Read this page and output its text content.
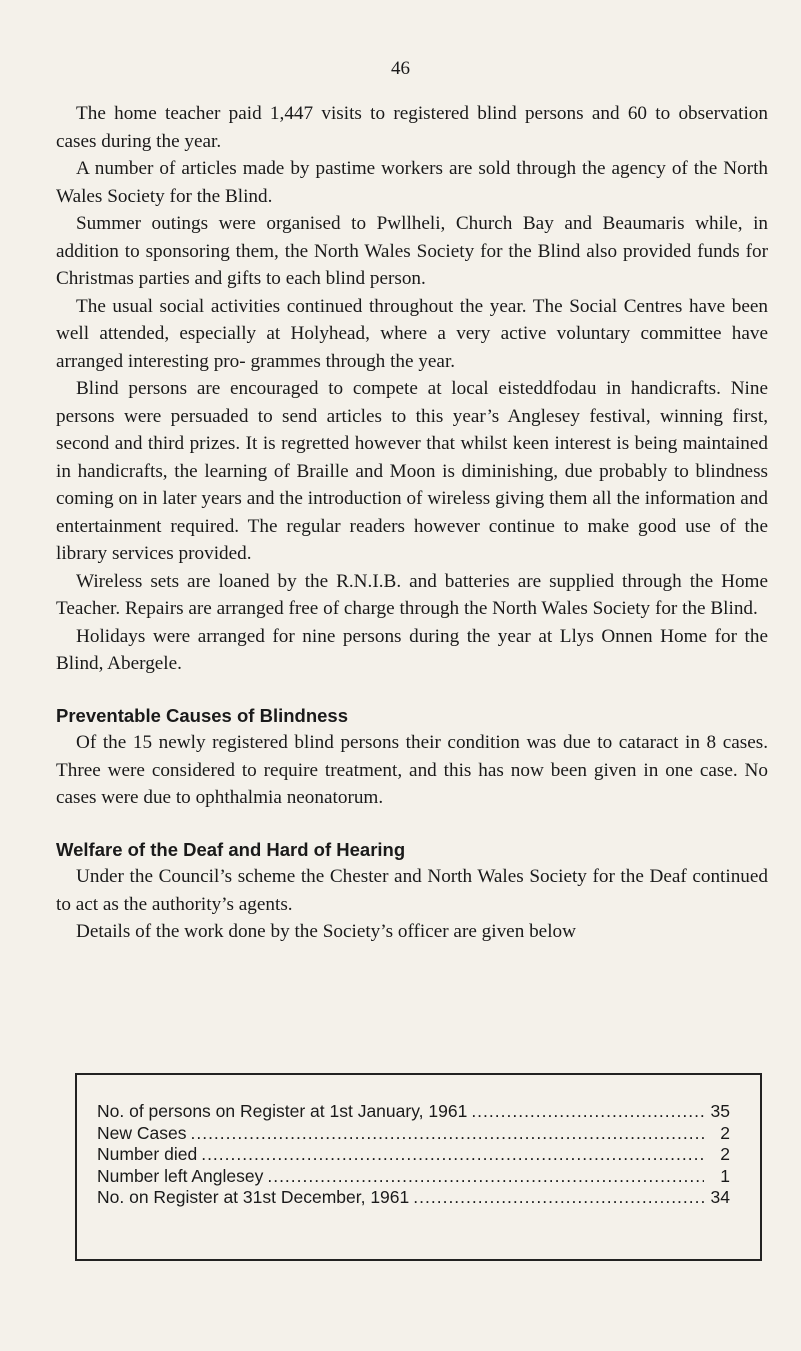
46

The home teacher paid 1,447 visits to registered blind persons and 60 to observation cases during the year.

A number of articles made by pastime workers are sold through the agency of the North Wales Society for the Blind.

Summer outings were organised to Pwllheli, Church Bay and Beaumaris while, in addition to sponsoring them, the North Wales Society for the Blind also provided funds for Christmas parties and gifts to each blind person.

The usual social activities continued throughout the year. The Social Centres have been well attended, especially at Holyhead, where a very active voluntary committee have arranged interesting pro- grammes through the year.

Blind persons are encouraged to compete at local eisteddfodau in handicrafts. Nine persons were persuaded to send articles to this year’s Anglesey festival, winning first, second and third prizes. It is regretted however that whilst keen interest is being maintained in handicrafts, the learning of Braille and Moon is diminishing, due probably to blindness coming on in later years and the introduction of wireless giving them all the information and entertainment required. The regular readers however continue to make good use of the library services provided.

Wireless sets are loaned by the R.N.I.B. and batteries are supplied through the Home Teacher. Repairs are arranged free of charge through the North Wales Society for the Blind.

Holidays were arranged for nine persons during the year at Llys Onnen Home for the Blind, Abergele.

Preventable Causes of Blindness

Of the 15 newly registered blind persons their condition was due to cataract in 8 cases. Three were considered to require treatment, and this has now been given in one case. No cases were due to ophthalmia neonatorum.

Welfare of the Deaf and Hard of Hearing

Under the Council’s scheme the Chester and North Wales Society for the Deaf continued to act as the authority’s agents.

Details of the work done by the Society’s officer are given below

No. of persons on Register at 1st January, 1961 .....	35
New Cases .....	2
Number died .....	2
Number left Anglesey .....	1
No. on Register at 31st December, 1961 .....	34
